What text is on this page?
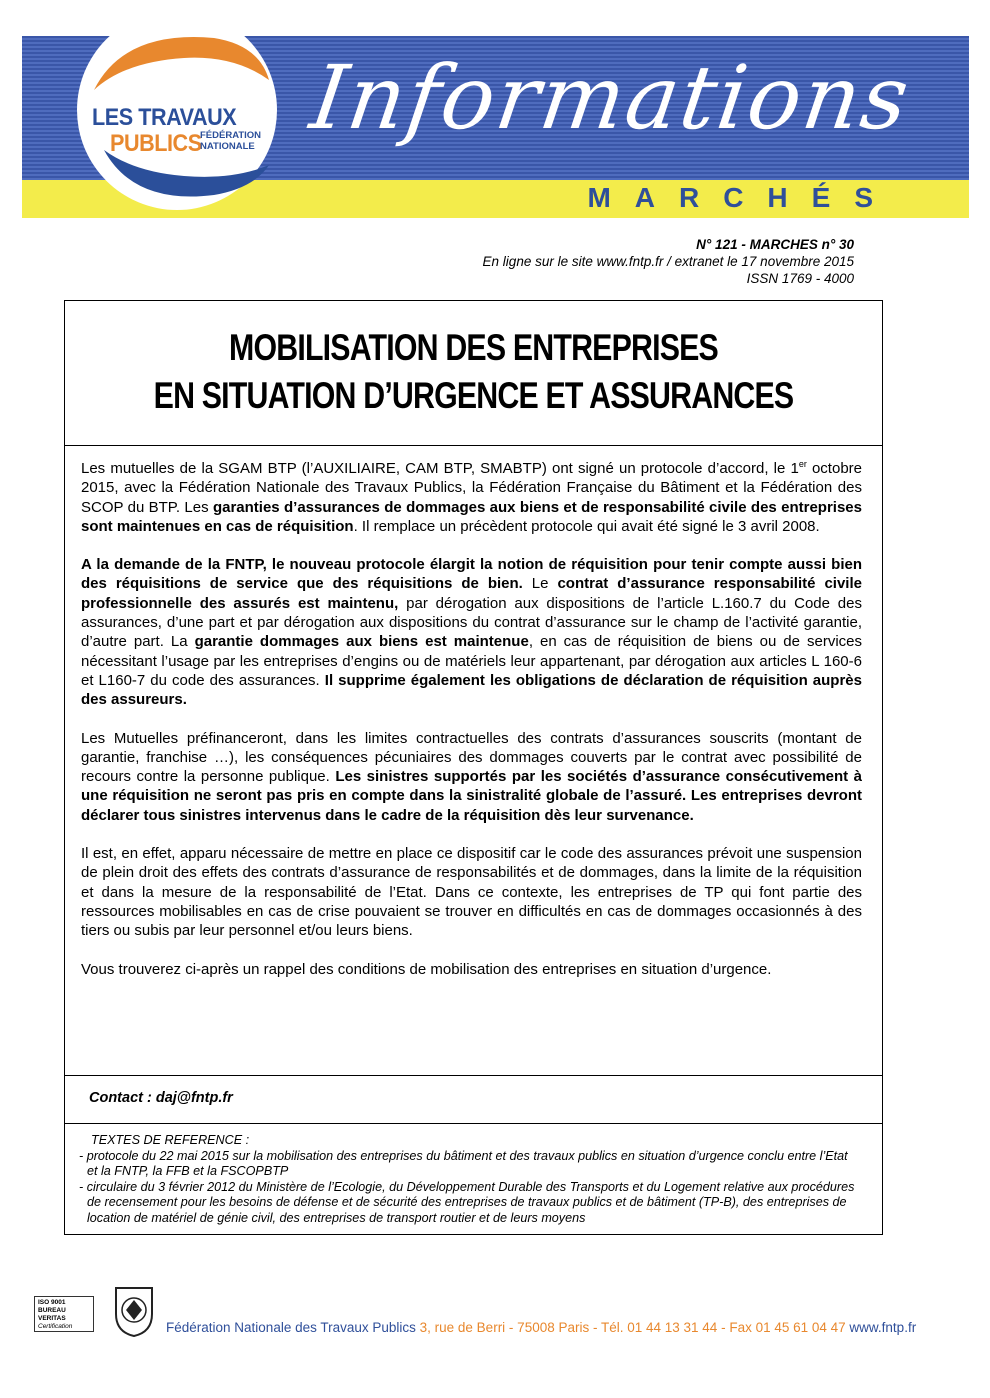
Informations
MARCHÉS
LES TRAVAUX
PUBLICS
FÉDÉRATION
NATIONALE
N° 121 - MARCHES n° 30
En ligne sur le site www.fntp.fr / extranet le 17 novembre 2015
ISSN 1769 - 4000
MOBILISATION DES ENTREPRISES
EN SITUATION D’URGENCE ET ASSURANCES

Les mutuelles de la SGAM BTP (l’AUXILIAIRE, CAM BTP, SMABTP) ont signé un protocole d’accord, le 1er octobre 2015, avec la Fédération Nationale des Travaux Publics, la Fédération Française du Bâtiment et la Fédération des SCOP du BTP. Les garanties d’assurances de dommages aux biens et de responsabilité civile des entreprises sont maintenues en cas de réquisition. Il remplace un précèdent protocole qui avait été signé le 3 avril 2008.

A la demande de la FNTP, le nouveau protocole élargit la notion de réquisition pour tenir compte aussi bien des réquisitions de service que des réquisitions de bien. Le contrat d’assurance responsabilité civile professionnelle des assurés est maintenu, par dérogation aux dispositions de l’article L.160.7 du Code des assurances, d’une part et par dérogation aux dispositions du contrat d’assurance sur le champ de l’activité garantie, d’autre part. La garantie dommages aux biens est maintenue, en cas de réquisition de biens ou de services nécessitant l’usage par les entreprises d’engins ou de matériels leur appartenant, par dérogation aux articles L 160-6 et L160-7 du code des assurances. Il supprime également les obligations de déclaration de réquisition auprès des assureurs.

Les Mutuelles préfinanceront, dans les limites contractuelles des contrats d’assurances souscrits (montant de garantie, franchise …), les conséquences pécuniaires des dommages couverts par le contrat avec possibilité de recours contre la personne publique. Les sinistres supportés par les sociétés d’assurance consécutivement à une réquisition ne seront pas pris en compte dans la sinistralité globale de l’assuré. Les entreprises devront déclarer tous sinistres intervenus dans le cadre de la réquisition dès leur survenance.

Il est, en effet, apparu nécessaire de mettre en place ce dispositif car le code des assurances prévoit une suspension de plein droit des effets des contrats d’assurance de responsabilités et de dommages, dans la limite de la réquisition et dans la mesure de la responsabilité de l’Etat. Dans ce contexte, les entreprises de TP qui font partie des ressources mobilisables en cas de crise pouvaient se trouver en difficultés en cas de dommages occasionnés à des tiers ou subis par leur personnel et/ou leurs biens.

Vous trouverez ci-après un rappel des conditions de mobilisation des entreprises en situation d’urgence.

Contact : daj@fntp.fr
TEXTES DE REFERENCE :
- protocole du 22 mai 2015 sur la mobilisation des entreprises du bâtiment et des travaux publics en situation d’urgence conclu entre l’Etat et la FNTP, la FFB et la FSCOPBTP
- circulaire du 3 février 2012 du Ministère de l’Ecologie, du Développement Durable des Transports et du Logement relative aux procédures de recensement pour les besoins de défense et de sécurité des entreprises de travaux publics et de bâtiment (TP-B), des entreprises de location de matériel de génie civil, des entreprises de transport routier et de leurs moyens
ISO 9001
BUREAU VERITAS
Certification	Fédération Nationale des Travaux Publics 3, rue de Berri - 75008 Paris - Tél. 01 44 13 31 44 - Fax 01 45 61 04 47 www.fntp.fr
